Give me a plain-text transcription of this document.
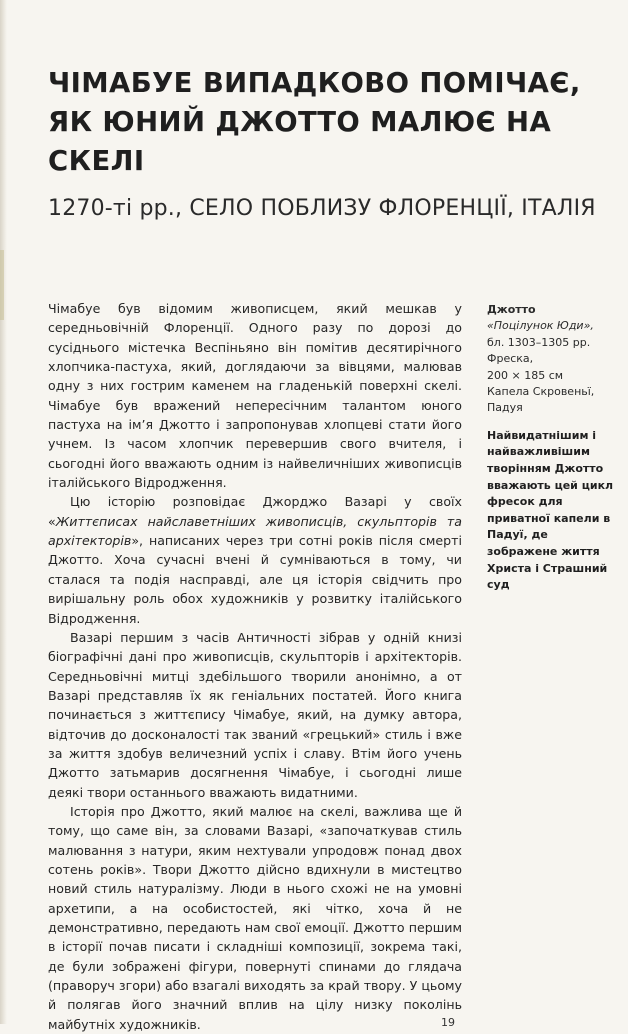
ЧІМАБУЕ ВИПАДКОВО ПОМІЧАЄ, ЯК ЮНИЙ ДЖОТТО МАЛЮЄ НА СКЕЛІ
1270-ті рр., СЕЛО ПОБЛИЗУ ФЛОРЕНЦІЇ, ІТАЛІЯ

Чімабуе був відомим живописцем, який мешкав у середньовічній Флоренції. Одного разу по дорозі до сусіднього містечка Веспіньяно він помітив десятирічного хлопчика-пастуха, який, доглядаючи за вівцями, малював одну з них гострим каменем на гладенькій поверхні скелі. Чімабуе був вражений непересічним талантом юного пастуха на ім’я Джотто і запропонував хлопцеві стати його учнем. Із часом хлопчик перевершив свого вчителя, і сьогодні його вважають одним із найвеличніших живописців італійського Відродження.

Цю історію розповідає Джорджо Вазарі у своїх «Життєписах найславетніших живописців, скульпторів та архітекторів», написаних через три сотні років після смерті Джотто. Хоча сучасні вчені й сумніваються в тому, чи сталася та подія насправді, але ця історія свідчить про вирішальну роль обох художників у розвитку італійського Відродження.

Вазарі першим з часів Античності зібрав у одній книзі біографічні дані про живописців, скульпторів і архітекторів. Середньовічні митці здебільшого творили анонімно, а от Вазарі представляв їх як геніальних постатей. Його книга починається з життєпису Чімабуе, який, на думку автора, відточив до досконалості так званий «грецький» стиль і вже за життя здобув величезний успіх і славу. Втім його учень Джотто затьмарив досягнення Чімабуе, і сьогодні лише деякі твори останнього вважають видатними.

Історія про Джотто, який малює на скелі, важлива ще й тому, що саме він, за словами Вазарі, «започаткував стиль малювання з натури, яким нехтували упродовж понад двох сотень років». Твори Джотто дійсно вдихнули в мистецтво новий стиль натуралізму. Люди в нього схожі не на умовні архетипи, а на особистостей, які чітко, хоча й не демонстративно, передають нам свої емоції. Джотто першим в історії почав писати і складніші композиції, зокрема такі, де були зображені фігури, повернуті спинами до глядача (праворуч згори) або взагалі виходять за край твору. У цьому й полягав його значний вплив на цілу низку поколінь майбутніх художників.

Джотто
«Поцілунок Юди»,
бл. 1303–1305 рр.
Фреска,
200 × 185 см
Капела Скровеньї,
Падуя
Найвидатнішим і найважливішим творінням Джотто вважають цей цикл фресок для приватної капели в Падуї, де зображене життя Христа і Страшний суд
19
